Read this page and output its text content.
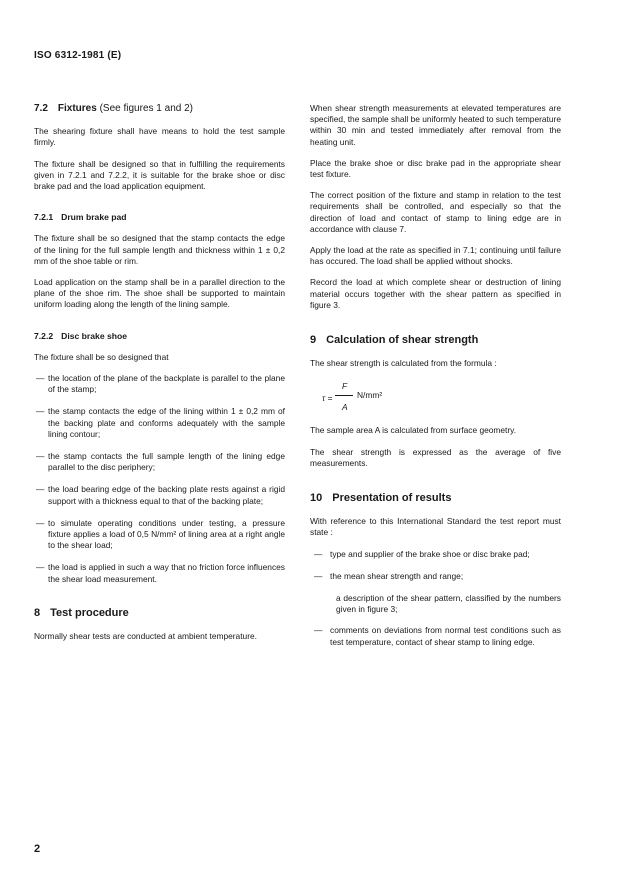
ISO 6312-1981 (E)
7.2 Fixtures (See figures 1 and 2)

The shearing fixture shall have means to hold the test sample firmly.

The fixture shall be designed so that in fulfilling the requirements given in 7.2.1 and 7.2.2, it is suitable for the brake shoe or disc brake pad and the load application equipment.

7.2.1 Drum brake pad

The fixture shall be so designed that the stamp contacts the edge of the lining for the full sample length and thickness within 1 ± 0,2 mm of the shoe table or rim.

Load application on the stamp shall be in a parallel direction to the plane of the shoe rim. The shoe shall be supported to maintain uniform loading along the length of the lining sample.

7.2.2 Disc brake shoe

The fixture shall be so designed that

— the location of the plane of the backplate is parallel to the plane of the stamp;
— the stamp contacts the edge of the lining within 1 ± 0,2 mm of the backing plate and conforms adequately with the sample lining contour;
— the stamp contacts the full sample length of the lining edge parallel to the disc periphery;
— the load bearing edge of the backing plate rests against a rigid support with a thickness equal to that of the backing plate;
— to simulate operating conditions under testing, a pressure fixture applies a load of 0,5 N/mm² of lining area at a right angle to the shear load;
— the load is applied in such a way that no friction force influences the shear load measurement.
8 Test procedure

Normally shear tests are conducted at ambient temperature.

When shear strength measurements at elevated temperatures are specified, the sample shall be uniformly heated to such temperature within 30 min and tested immediately after removal from the heating unit.

Place the brake shoe or disc brake pad in the appropriate shear test fixture.

The correct position of the fixture and stamp in relation to the test requirements shall be controlled, and especially so that the direction of load and contact of stamp to lining edge are in accordance with clause 7.

Apply the load at the rate as specified in 7.1; continuing until failure has occured. The load shall be applied without shocks.

Record the load at which complete shear or destruction of lining material occurs together with the shear pattern as specified in figure 3.

9 Calculation of shear strength

The shear strength is calculated from the formula :

τ =
F
A
N/mm²

The sample area A is calculated from surface geometry.

The shear strength is expressed as the average of five measurements.

10 Presentation of results

With reference to this International Standard the test report must state :

— type and supplier of the brake shoe or disc brake pad;
— the mean shear strength and range;

a description of the shear pattern, classified by the numbers given in figure 3;

— comments on deviations from normal test conditions such as test temperature, contact of shear stamp to lining edge.
2
